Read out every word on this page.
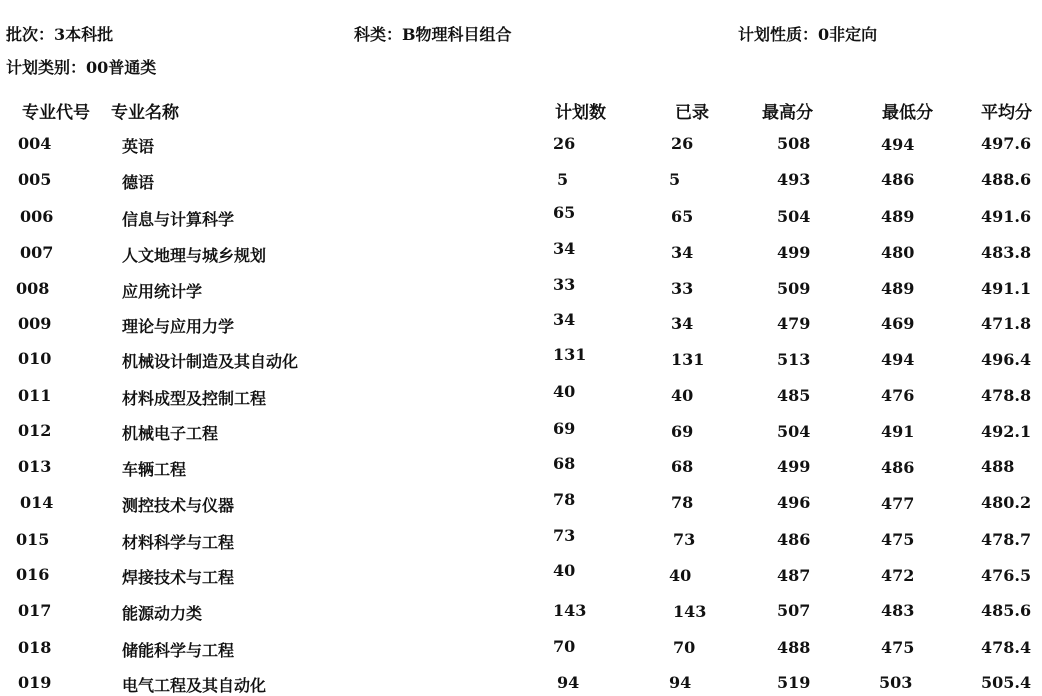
批次：3本科批	科类：B物理科目组合	计划性质：0非定向
计划类别：00普通类
专业代号 专业名称	计划数	已录	最高分	最低分	平均分
004	英语	26	26	508	494	497.6
005	德语	5	5	493	486	488.6
006	信息与计算科学	65	65	504	489	491.6
007	人文地理与城乡规划	34	34	499	480	483.8
008	应用统计学	33	33	509	489	491.1
009	理论与应用力学	34	34	479	469	471.8
010	机械设计制造及其自动化	131	131	513	494	496.4
011	材料成型及控制工程	40	40	485	476	478.8
012	机械电子工程	69	69	504	491	492.1
013	车辆工程	68	68	499	486	488
014	测控技术与仪器	78	78	496	477	480.2
015	材料科学与工程	73	73	486	475	478.7
016	焊接技术与工程	40	40	487	472	476.5
017	能源动力类	143	143	507	483	485.6
018	储能科学与工程	70	70	488	475	478.4
019	电气工程及其自动化	94	94	519	503	505.4
